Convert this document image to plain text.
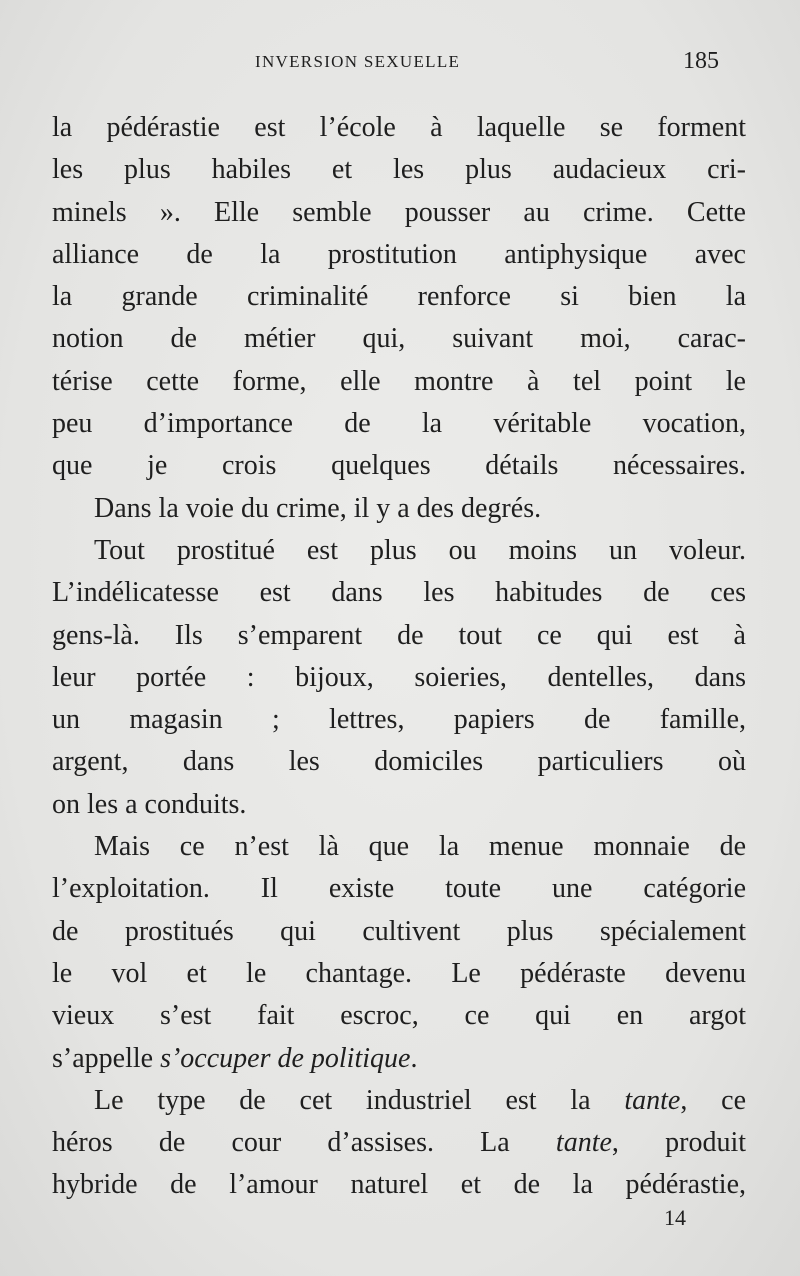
INVERSION SEXUELLE	185
la pédérastie est l’école à laquelle se forment
les plus habiles et les plus audacieux cri-
minels ». Elle semble pousser au crime. Cette
alliance de la prostitution antiphysique avec
la grande criminalité renforce si bien la
notion de métier qui, suivant moi, carac-
térise cette forme, elle montre à tel point le
peu d’importance de la véritable vocation,
que je crois quelques détails nécessaires.
Dans la voie du crime, il y a des degrés.
Tout prostitué est plus ou moins un voleur.
L’indélicatesse est dans les habitudes de ces
gens-là. Ils s’emparent de tout ce qui est à
leur portée : bijoux, soieries, dentelles, dans
un magasin ; lettres, papiers de famille,
argent, dans les domiciles particuliers où
on les a conduits.
Mais ce n’est là que la menue monnaie de
l’exploitation. Il existe toute une catégorie
de prostitués qui cultivent plus spécialement
le vol et le chantage. Le pédéraste devenu
vieux s’est fait escroc, ce qui en argot
s’appelle s’occuper de politique.
Le type de cet industriel est la tante, ce
héros de cour d’assises. La tante, produit
hybride de l’amour naturel et de la pédérastie,
14
